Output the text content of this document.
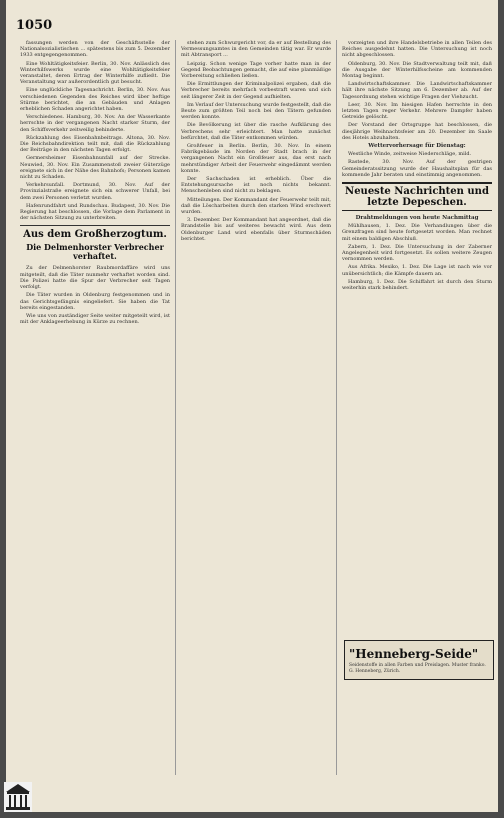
1050

fassungen werden von der Geschäftsstelle der Nationalsozialistischen ... spätestens bis zum 5. Dezember 1933 entgegengenommen.

Eine Wohltätigkeitsfeier. Berlin, 30. Nov. Anlässlich des Winterhilfswerks wurde eine Wohltätigkeitsfeier veranstaltet, deren Ertrag der Winterhilfe zufließt. Die Veranstaltung war außerordentlich gut besucht.

Eine unglückliche Tagesnachricht. Berlin, 30. Nov. Aus verschiedenen Gegenden des Reiches wird über heftige Stürme berichtet, die an Gebäuden und Anlagen erheblichen Schaden angerichtet haben.

Verschiedenes. Hamburg, 30. Nov. An der Wasserkante herrschte in der vergangenen Nacht starker Sturm, der den Schiffsverkehr zeitweilig behinderte.

Rückzahlung des Eisenbahnbeitrags. Altona, 30. Nov. Die Reichsbahndirektion teilt mit, daß die Rückzahlung der Beiträge in den nächsten Tagen erfolgt.

Germersheimer Eisenbahnunfall auf der Strecke. Neuwied, 30. Nov. Ein Zusammenstoß zweier Güterzüge ereignete sich in der Nähe des Bahnhofs; Personen kamen nicht zu Schaden.

Verkehrsunfall. Dortmund, 30. Nov. Auf der Provinzialstraße ereignete sich ein schwerer Unfall, bei dem zwei Personen verletzt wurden.

Hafenrundfahrt und Rundschau. Budapest, 30. Nov. Die Regierung hat beschlossen, die Vorlage dem Parlament in der nächsten Sitzung zu unterbreiten.

Aus dem Großherzogtum.
Die Delmenhorster Verbrecher verhaftet.

Zu der Delmenhorster Raubmordaffäre wird uns mitgeteilt, daß die Täter nunmehr verhaftet worden sind. Die Polizei hatte die Spur der Verbrecher seit Tagen verfolgt.

Die Täter wurden in Oldenburg festgenommen und in das Gerichtsgefängnis eingeliefert. Sie haben die Tat bereits eingestanden.

Wie uns von zuständiger Seite weiter mitgeteilt wird, ist mit der Anklageerhebung in Kürze zu rechnen.

stehen zum Schwurgericht vor, da er auf Bestellung des Vermessungsamtes in den Gemeinden tätig war. Er wurde mit Abtransport ...

Leipzig. Schon wenige Tage vorher hatte man in der Gegend Beobachtungen gemacht, die auf eine planmäßige Vorbereitung schließen ließen.

Die Ermittlungen der Kriminalpolizei ergaben, daß die Verbrecher bereits mehrfach vorbestraft waren und sich seit längerer Zeit in der Gegend aufhielten.

Im Verlauf der Untersuchung wurde festgestellt, daß die Beute zum größten Teil noch bei den Tätern gefunden werden konnte.

Die Bevölkerung ist über die rasche Aufklärung des Verbrechens sehr erleichtert. Man hatte zunächst befürchtet, daß die Täter entkommen würden.

Großfeuer in Berlin. Berlin, 30. Nov. In einem Fabrikgebäude im Norden der Stadt brach in der vergangenen Nacht ein Großfeuer aus, das erst nach mehrstündiger Arbeit der Feuerwehr eingedämmt werden konnte.

Der Sachschaden ist erheblich. Über die Entstehungsursache ist noch nichts bekannt. Menschenleben sind nicht zu beklagen.

Mitteilungen. Der Kommandant der Feuerwehr teilt mit, daß die Löscharbeiten durch den starken Wind erschwert wurden.

3. Dezember. Der Kommandant hat angeordnet, daß die Brandstelle bis auf weiteres bewacht wird. Aus dem Oldenburger Land wird ebenfalls über Sturmschäden berichtet.

vorzeigten und ihre Handelsbetriebe in allen Teilen des Reiches ausgedehnt hatten. Die Untersuchung ist noch nicht abgeschlossen.

Oldenburg, 30. Nov. Die Stadtverwaltung teilt mit, daß die Ausgabe der Winterhilfsscheine am kommenden Montag beginnt.

Landwirtschaftskammer. Die Landwirtschaftskammer hält ihre nächste Sitzung am 6. Dezember ab. Auf der Tagesordnung stehen wichtige Fragen der Viehzucht.

Leer, 30. Nov. Im hiesigen Hafen herrschte in den letzten Tagen reger Verkehr. Mehrere Dampfer haben Getreide gelöscht.

Der Vorstand der Ortsgruppe hat beschlossen, die diesjährige Weihnachtsfeier am 20. Dezember im Saale des Hotels abzuhalten.

Wettervorhersage für Dienstag:

Westliche Winde, zeitweise Niederschläge, mild.

Rastede, 30. Nov. Auf der gestrigen Gemeinderatssitzung wurde der Haushaltsplan für das kommende Jahr beraten und einstimmig angenommen.

Neueste Nachrichten und letzte Depeschen.
Drahtmeldungen von heute Nachmittag

Mühlhausen, 1. Dez. Die Verhandlungen über die Grenzfragen sind heute fortgesetzt worden. Man rechnet mit einem baldigen Abschluß.

Zabern, 1. Dez. Die Untersuchung in der Zaberner Angelegenheit wird fortgesetzt. Es sollen weitere Zeugen vernommen werden.

Aus Afrika. Mexiko, 1. Dez. Die Lage ist nach wie vor unübersichtlich; die Kämpfe dauern an.

Hamburg, 1. Dez. Die Schiffahrt ist durch den Sturm weiterhin stark behindert.

"Henneberg-Seide"
Seidenstoffe in allen Farben und Preislagen. Muster franko. G. Henneberg, Zürich.
